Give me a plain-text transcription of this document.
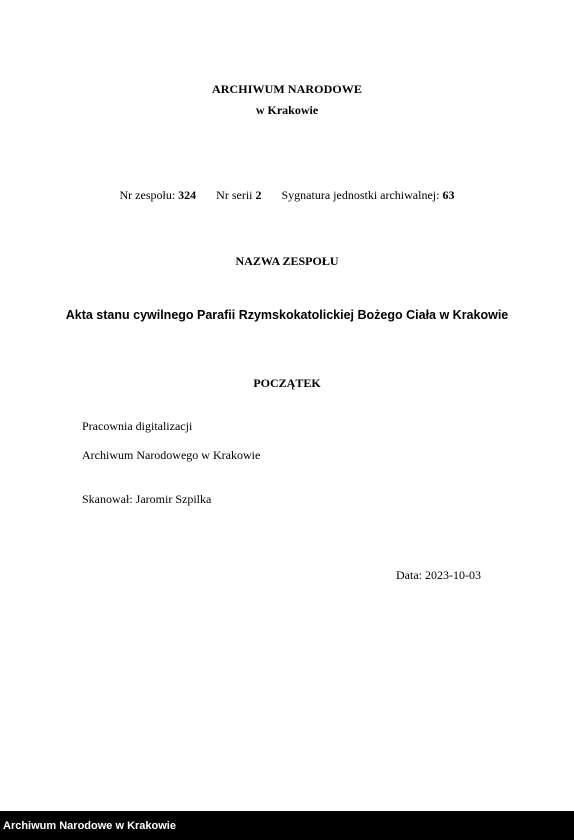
ARCHIWUM NARODOWE
w Krakowie
Nr zespołu: 324 Nr serii 2 Sygnatura jednostki archiwalnej: 63
NAZWA ZESPOŁU
Akta stanu cywilnego Parafii Rzymskokatolickiej Bożego Ciała w Krakowie
POCZĄTEK
Pracownia digitalizacji
Archiwum Narodowego w Krakowie
Skanował: Jaromir Szpilka
Data: 2023-10-03
Archiwum Narodowe w Krakowie
